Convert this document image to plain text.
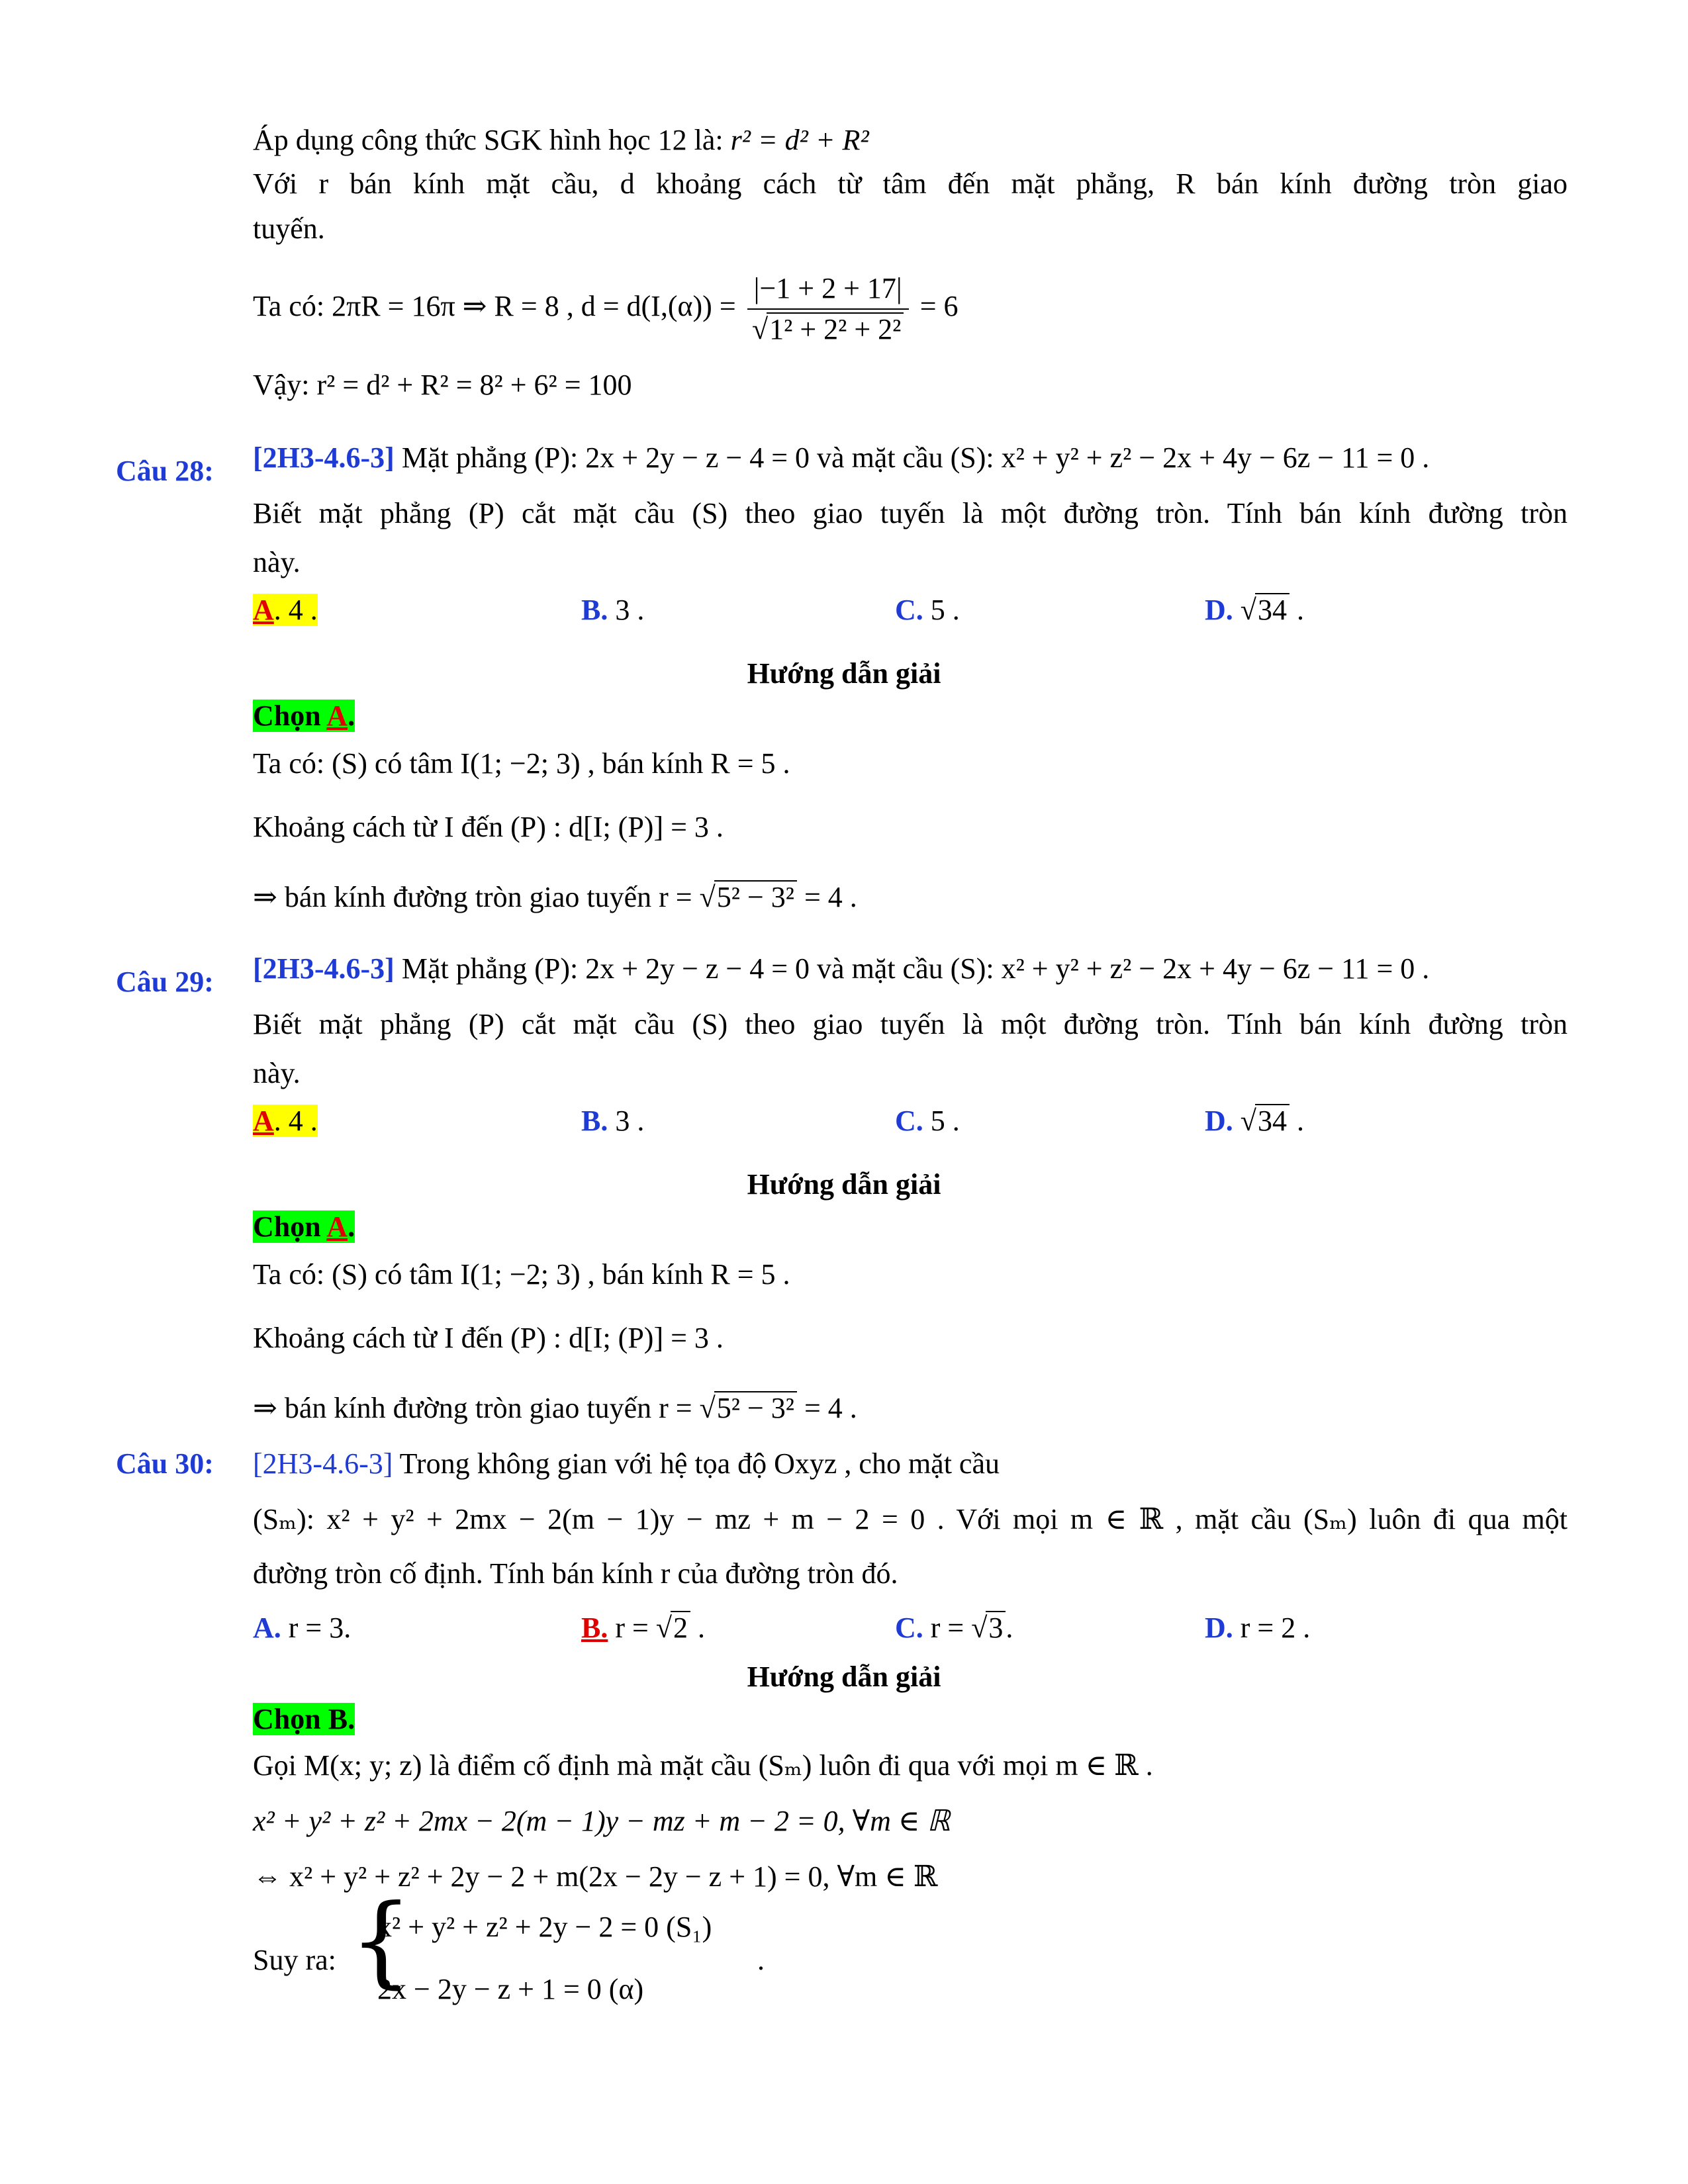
Áp dụng công thức SGK hình học 12 là: r² = d² + R²
Với r bán kính mặt cầu, d khoảng cách từ tâm đến mặt phẳng, R bán kính đường tròn giao
tuyến.
Ta có: 2πR = 16π ⇒ R = 8 , $d = d(I,(\alpha)) = \frac{|-1 + 2 + 17|}{\text{√1² + 2² + 2²}} = 6$
Vậy: r² = d² + R² = 8² + 6² = 100
Câu 28: [2H3-4.6-3] Mặt phẳng (P): 2x + 2y − z − 4 = 0 và mặt cầu (S): x² + y² + z² − 2x + 4y − 6z − 11 = 0 .
Biết mặt phẳng (P) cắt mặt cầu (S) theo giao tuyến là một đường tròn. Tính bán kính đường tròn
này.
A. 4 .	B. 3 .	C. 5 .	D. √34 .
Hướng dẫn giải
Chọn A.
Ta có: (S) có tâm I(1; −2; 3) , bán kính R = 5 .
Khoảng cách từ I đến (P) : d[I; (P)] = 3 .
⇒ bán kính đường tròn giao tuyến r = √5² − 3² = 4 .
Câu 29: [2H3-4.6-3] Mặt phẳng (P): 2x + 2y − z − 4 = 0 và mặt cầu (S): x² + y² + z² − 2x + 4y − 6z − 11 = 0 .
Biết mặt phẳng (P) cắt mặt cầu (S) theo giao tuyến là một đường tròn. Tính bán kính đường tròn
này.
A. 4 .	B. 3 .	C. 5 .	D. √34 .
Hướng dẫn giải
Chọn A.
Ta có: (S) có tâm I(1; −2; 3) , bán kính R = 5 .
Khoảng cách từ I đến (P) : d[I; (P)] = 3 .
⇒ bán kính đường tròn giao tuyến r = √5² − 3² = 4 .
Câu 30: [2H3-4.6-3] Trong không gian với hệ tọa độ Oxyz , cho mặt cầu
(Sₘ): x² + y² + 2mx − 2(m − 1)y − mz + m − 2 = 0 . Với mọi m ∈ ℝ , mặt cầu (Sₘ) luôn đi qua một
đường tròn cố định. Tính bán kính r của đường tròn đó.
A. r = 3.	B. r = √2 .	C. r = √3.	D. r = 2 .
Hướng dẫn giải
Chọn B.
Gọi M(x; y; z) là điểm cố định mà mặt cầu (Sₘ) luôn đi qua với mọi m ∈ ℝ .
x² + y² + z² + 2mx − 2(m − 1)y − mz + m − 2 = 0, ∀m ∈ ℝ
⇔ x² + y² + z² + 2y − 2 + m(2x − 2y − z + 1) = 0, ∀m ∈ ℝ
Suy ra: {
x² + y² + z² + 2y − 2 = 0 (S₁)
2x − 2y − z + 1 = 0 (α)
.
